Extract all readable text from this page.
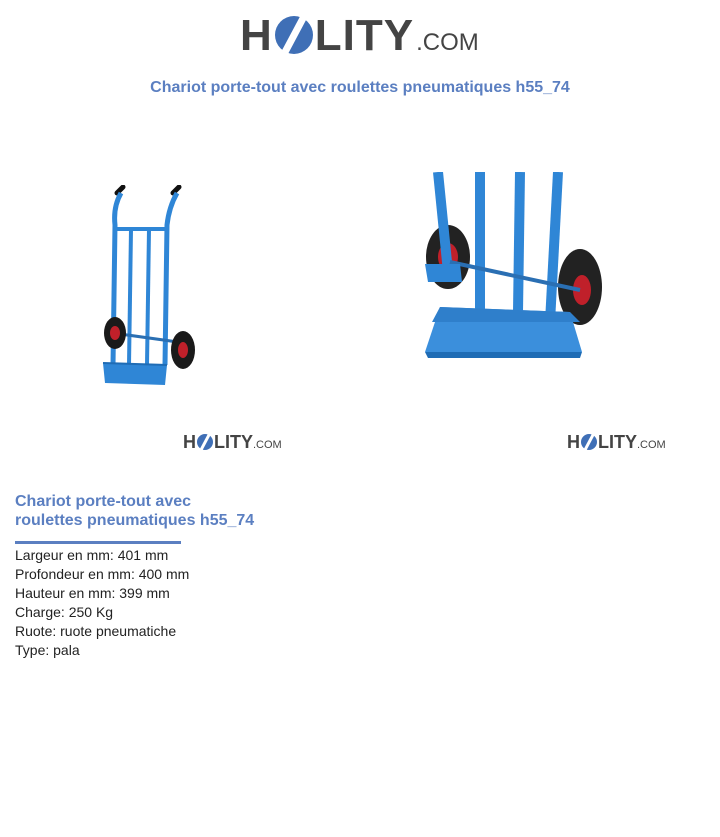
H LITY .COM
Chariot porte-tout avec roulettes pneumatiques h55_74
H LITY .COM	H LITY .COM
Chariot porte-tout avec
roulettes pneumatiques h55_74
Largeur en mm: 401 mm
Profondeur en mm: 400 mm
Hauteur en mm: 399 mm
Charge: 250 Kg
Ruote: ruote pneumatiche
Type: pala
